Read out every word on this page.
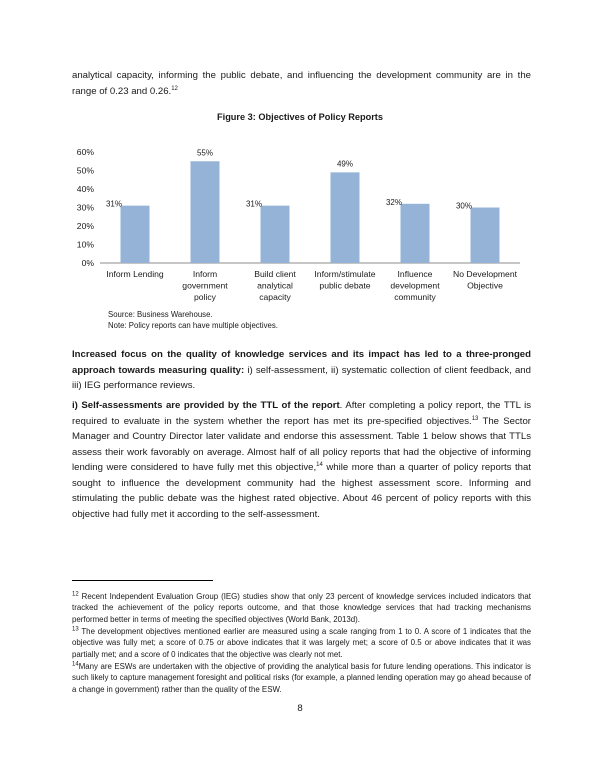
analytical capacity, informing the public debate, and influencing the development community are in the range of 0.23 and 0.26.12
Figure 3: Objectives of Policy Reports
0%
10%
20%
30%
40%
50%
60%
31%
55%
31%
49%
32%	30%
Inform Lending	Inform
government
policy
Build client
analytical
capacity
Inform/stimulate
public debate
Influence
development
community
No Development
Objective
Source: Business Warehouse.
Note: Policy reports can have multiple objectives.
Increased focus on the quality of knowledge services and its impact has led to a three-pronged approach towards measuring quality: i) self-assessment, ii) systematic collection of client feedback, and iii) IEG performance reviews.
i) Self-assessments are provided by the TTL of the report. After completing a policy report, the TTL is required to evaluate in the system whether the report has met its pre-specified objectives.$^{13}$ The Sector Manager and Country Director later validate and endorse this assessment. Table 1 below shows that TTLs assess their work favorably on average. Almost half of all policy reports that had the objective of informing lending were considered to have fully met this objective,$^{14}$ while more than a quarter of policy reports that sought to influence the development community had the highest assessment score. Informing and stimulating the public debate was the highest rated objective. About 46 percent of policy reports with this objective had fully met it according to the self-assessment.
$^{12}$ Recent Independent Evaluation Group (IEG) studies show that only 23 percent of knowledge services included indicators that tracked the achievement of the policy reports outcome, and that those knowledge services that had tracking mechanisms performed better in terms of meeting the specified objectives (World Bank, 2013d).
$^{13}$ The development objectives mentioned earlier are measured using a scale ranging from 1 to 0. A score of 1 indicates that the objective was fully met; a score of 0.75 or above indicates that it was largely met; a score of 0.5 or above indicates that it was partially met; and a score of 0 indicates that the objective was clearly not met.
$^{14}$Many are ESWs are undertaken with the objective of providing the analytical basis for future lending operations. This indicator is such likely to capture management foresight and political risks (for example, a planned lending operation may go ahead because of a change in government) rather than the quality of the ESW.
8
